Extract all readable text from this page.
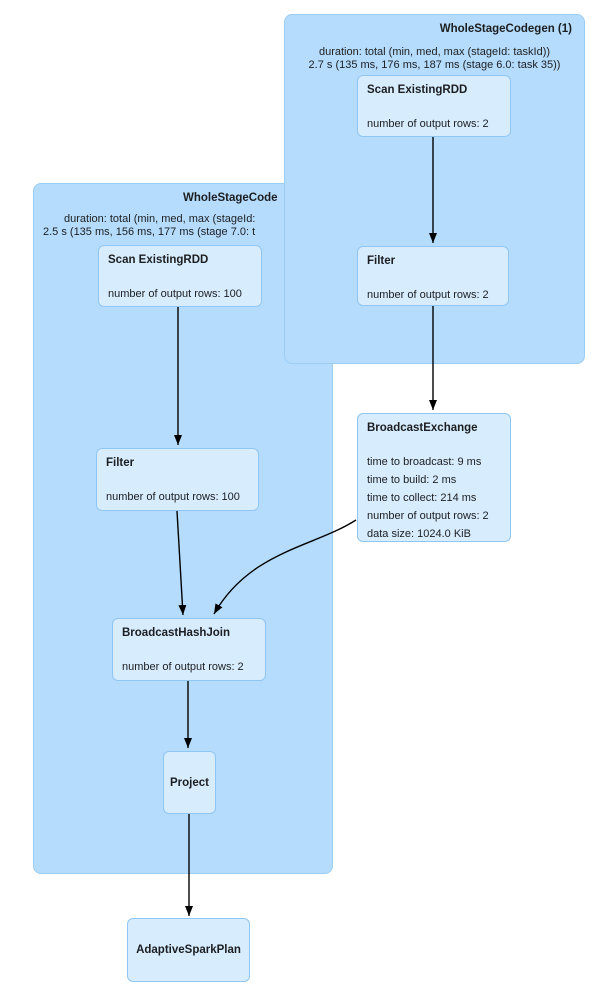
WholeStageCode
duration: total (min, med, max (stageId:
2.5 s (135 ms, 156 ms, 177 ms (stage 7.0: t
Scan ExistingRDD
number of output rows: 100
Filter
number of output rows: 100
BroadcastHashJoin
number of output rows: 2
Project
WholeStageCodegen (1)
duration: total (min, med, max (stageId: taskId))
2.7 s (135 ms, 176 ms, 187 ms (stage 6.0: task 35))
Scan ExistingRDD
number of output rows: 2
Filter
number of output rows: 2
BroadcastExchange
time to broadcast: 9 ms
time to build: 2 ms
time to collect: 214 ms
number of output rows: 2
data size: 1024.0 KiB
AdaptiveSparkPlan
